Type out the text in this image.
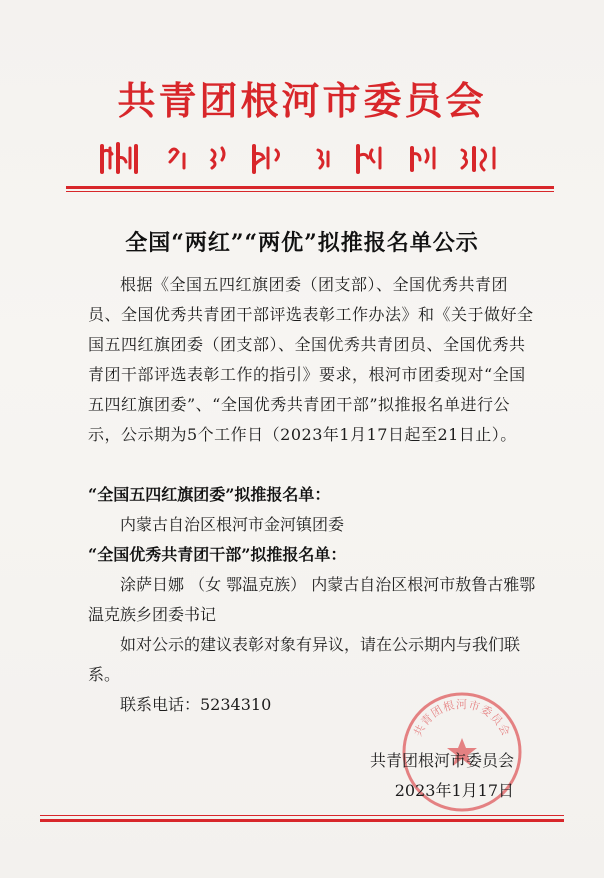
共青团根河市委员会
全国“两红”“两优”拟推报名单公示
根据《全国五四红旗团委（团支部）、全国优秀共青团员、全国优秀共青团干部评选表彰工作办法》和《关于做好全国五四红旗团委（团支部）、全国优秀共青团员、全国优秀共青团干部评选表彰工作的指引》要求，根河市团委现对“全国五四红旗团委”、“全国优秀共青团干部”拟推报名单进行公示，公示期为5个工作日（2023年1月17日起至21日止）。
“全国五四红旗团委”拟推报名单：
内蒙古自治区根河市金河镇团委
“全国优秀共青团干部”拟推报名单：
涂萨日娜 （女 鄂温克族） 内蒙古自治区根河市敖鲁古雅鄂温克族乡团委书记
如对公示的建议表彰对象有异议，请在公示期内与我们联系。
联系电话：5234310
共青团根河市委员会
共青团根河市委员会
2023年1月17日
